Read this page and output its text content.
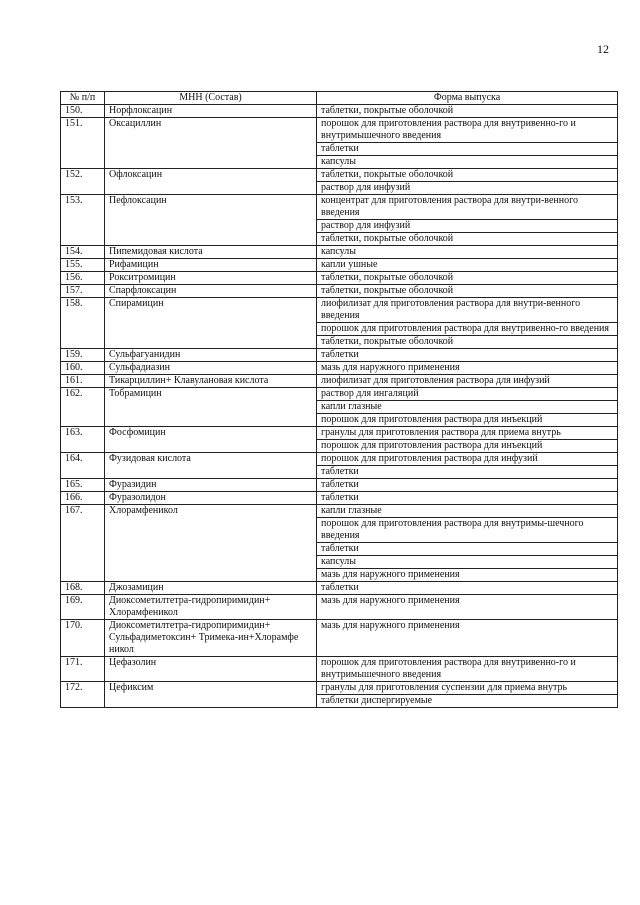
12
№ п/п	МНН (Состав)	Форма выпуска
150.	Норфлоксацин	таблетки, покрытые оболочкой

151.	Оксациллин	порошок для приготовления раствора для внутривенно-го и внутримышечного введения
таблетки
капсулы

152.	Офлоксацин	таблетки, покрытые оболочкой
раствор для инфузий

153.	Пефлоксацин	концентрат для приготовления раствора для внутри-венного введения
раствор для инфузий
таблетки, покрытые оболочкой

154.	Пипемидовая кислота	капсулы

155.	Рифамицин	капли ушные

156.	Рокситромицин	таблетки, покрытые оболочкой

157.	Спарфлоксацин	таблетки, покрытые оболочкой

158.	Спирамицин	лиофилизат для приготовления раствора для внутри-венного введения
порошок для приготовления раствора для внутривенно-го введения
таблетки, покрытые оболочкой

159.	Сульфагуанидин	таблетки

160.	Сульфадиазин	мазь для наружного применения

161.	Тикарциллин+ Клавулановая кислота	лиофилизат для приготовления раствора для инфузий

162.	Тобрамицин	раствор для ингаляций
капли глазные
порошок для приготовления раствора для инъекций

163.	Фосфомицин	гранулы для приготовления раствора для приема внутрь
порошок для приготовления раствора для инъекций

164.	Фузидовая кислота	порошок для приготовления раствора для инфузий
таблетки

165.	Фуразидин	таблетки

166.	Фуразолидон	таблетки

167.	Хлорамфеникол	капли глазные
порошок для приготовления раствора для внутримы-шечного введения
таблетки
капсулы
мазь для наружного применения

168.	Джозамицин	таблетки

169.	Диоксометилтетра-гидропиримидин+ Хлорамфеникол	мазь для наружного применения

170.	Диоксометилтетра-гидропиримидин+ Сульфадиметоксин+ Тримека-ин+Хлорамфе никол	мазь для наружного применения

171.	Цефазолин	порошок для приготовления раствора для внутривенно-го и внутримышечного введения

172.	Цефиксим	гранулы для приготовления суспензии для приема внутрь
таблетки диспергируемые
